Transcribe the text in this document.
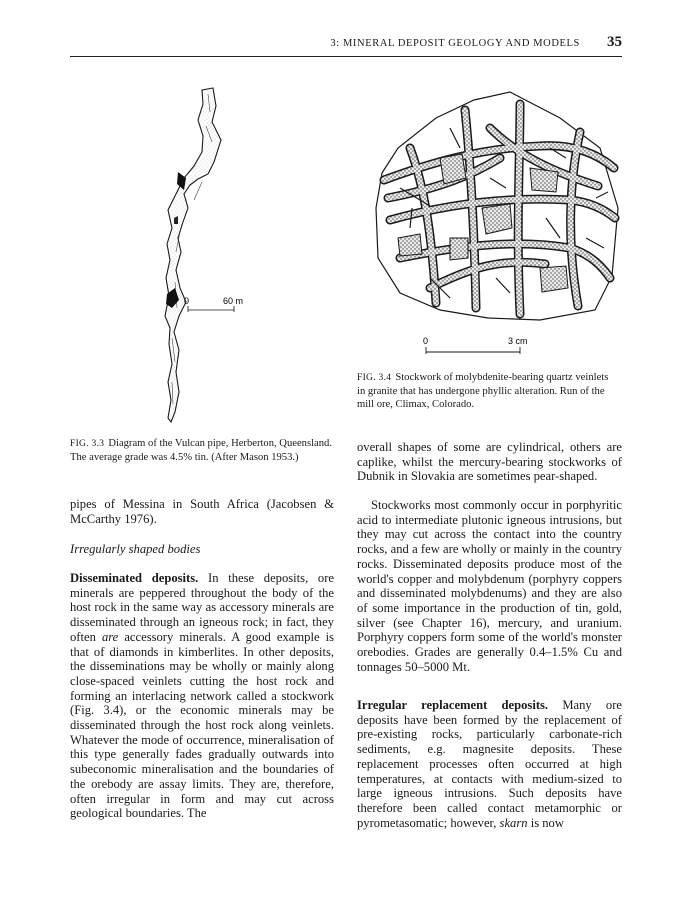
3: MINERAL DEPOSIT GEOLOGY AND MODELS 35
0	60 m
0	3 cm
FIG. 3.3 Diagram of the Vulcan pipe, Herberton, Queensland. The average grade was 4.5% tin. (After Mason 1953.)
FIG. 3.4 Stockwork of molybdenite-bearing quartz veinlets in granite that has undergone phyllic alteration. Run of the mill ore, Climax, Colorado.

pipes of Messina in South Africa (Jacobsen & McCarthy 1976).

Irregularly shaped bodies

Disseminated deposits. In these deposits, ore minerals are peppered throughout the body of the host rock in the same way as accessory minerals are disseminated through an igneous rock; in fact, they often are accessory minerals. A good example is that of diamonds in kimberlites. In other deposits, the disseminations may be wholly or mainly along close-spaced veinlets cutting the host rock and forming an interlacing network called a stockwork (Fig. 3.4), or the economic minerals may be disseminated through the host rock along veinlets. Whatever the mode of occurrence, mineralisation of this type generally fades gradually outwards into subeconomic mineralisation and the boundaries of the orebody are assay limits. They are, therefore, often irregular in form and may cut across geological boundaries. The

overall shapes of some are cylindrical, others are caplike, whilst the mercury-bearing stockworks of Dubnik in Slovakia are sometimes pear-shaped.

Stockworks most commonly occur in porphyritic acid to intermediate plutonic igneous intrusions, but they may cut across the contact into the country rocks, and a few are wholly or mainly in the country rocks. Disseminated deposits produce most of the world's copper and molybdenum (porphyry coppers and disseminated molybdenums) and they are also of some importance in the production of tin, gold, silver (see Chapter 16), mercury, and uranium. Porphyry coppers form some of the world's monster orebodies. Grades are generally 0.4–1.5% Cu and tonnages 50–5000 Mt.

Irregular replacement deposits. Many ore deposits have been formed by the replacement of pre-existing rocks, particularly carbonate-rich sediments, e.g. magnesite deposits. These replacement processes often occurred at high temperatures, at contacts with medium-sized to large igneous intrusions. Such deposits have therefore been called contact metamorphic or pyrometasomatic; however, skarn is now
